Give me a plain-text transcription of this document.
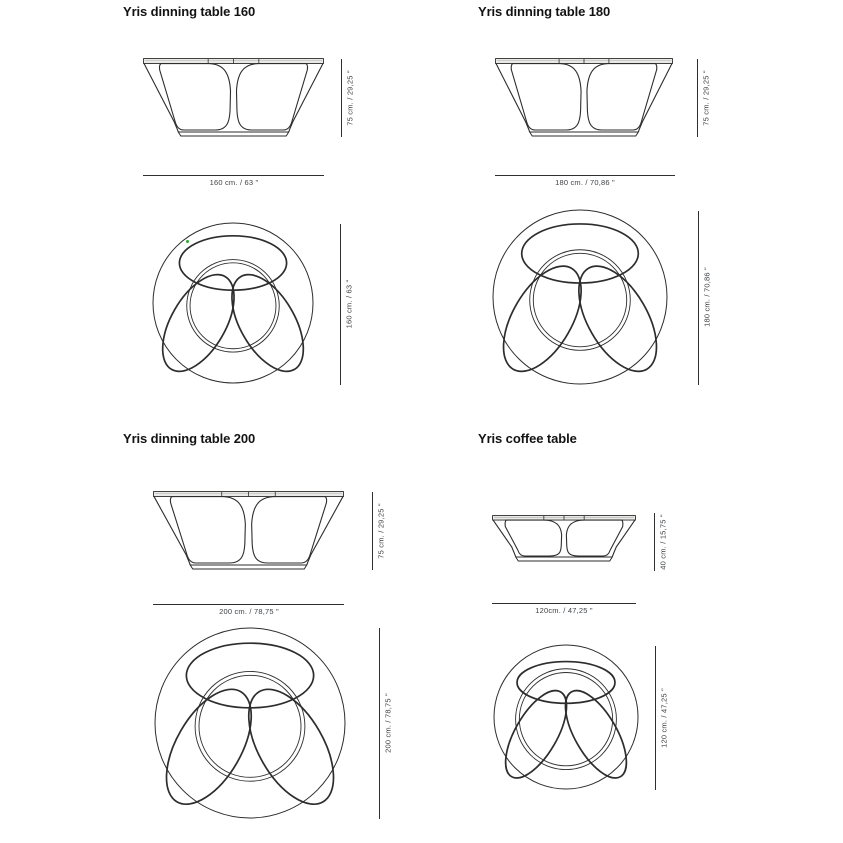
Yris dinning table 160
75 cm. / 29,25 "
160 cm. / 63 "
160 cm. / 63 "
Yris dinning table 180
75 cm. / 29,25 "
180 cm. / 70,86 "
180 cm. / 70,86 "
Yris dinning table 200
75 cm. / 29,25 "
200 cm. / 78,75 "
200 cm. / 78,75 "
Yris coffee table
40 cm. / 15,75 "
120cm. / 47,25 "
120 cm. / 47,25 "
